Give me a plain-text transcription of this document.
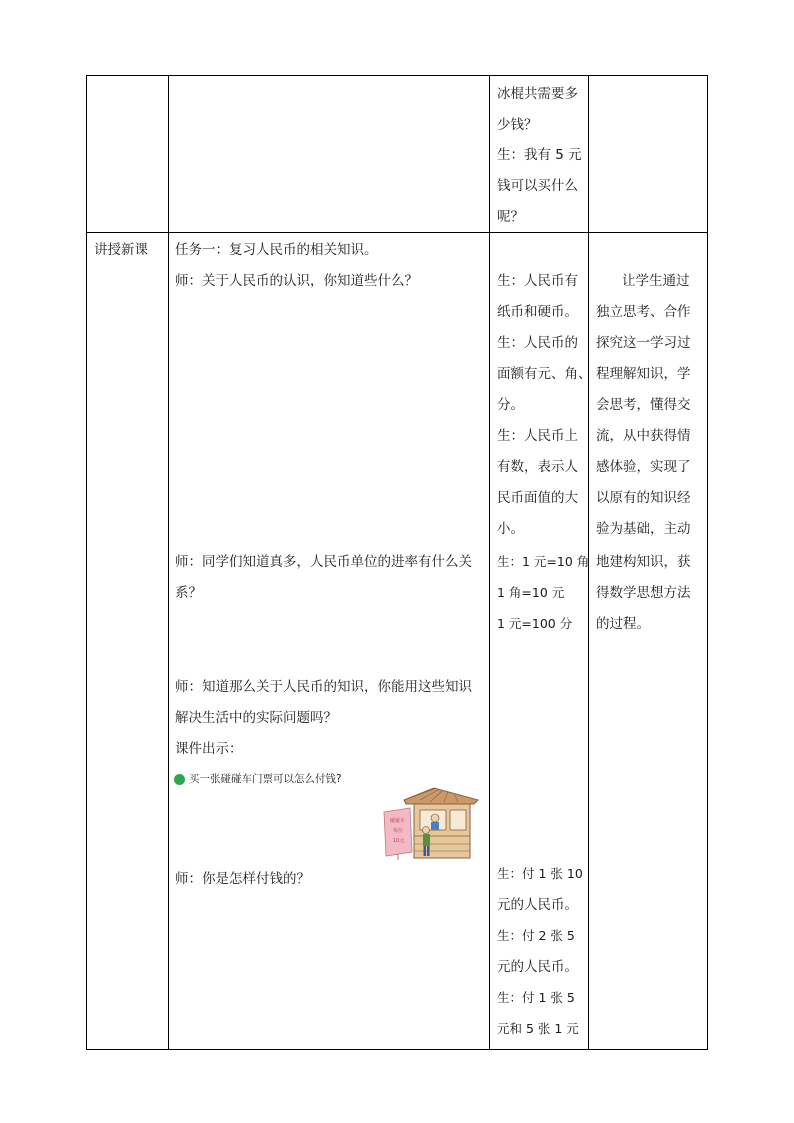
冰棍共需要多
少钱？
生：我有 5 元
钱可以买什么
呢？
讲授新课 任务一：复习人民币的相关知识。
师：关于人民币的认识，你知道些什么？
师：同学们知道真多，人民币单位的进率有什么关
系？
师：知道那么关于人民币的知识，你能用这些知识
解决生活中的实际问题吗？
课件出示：
买一张碰碰车门票可以怎么付钱?
碰碰车
每位
10元
师：你是怎样付钱的？
生：人民币有
纸币和硬币。
生：人民币的
面额有元、角、
分。
生：人民币上
有数，表示人
民币面值的大
小。
生：1 元=10 角
1 角=10 元
1 元=100 分
生：付 1 张 10
元的人民币。
生：付 2 张 5
元的人民币。
生：付 1 张 5
元和 5 张 1 元
让学生通过
独立思考、合作
探究这一学习过
程理解知识，学
会思考，懂得交
流，从中获得情
感体验，实现了
以原有的知识经
验为基础，主动
地建构知识，获
得数学思想方法
的过程。
